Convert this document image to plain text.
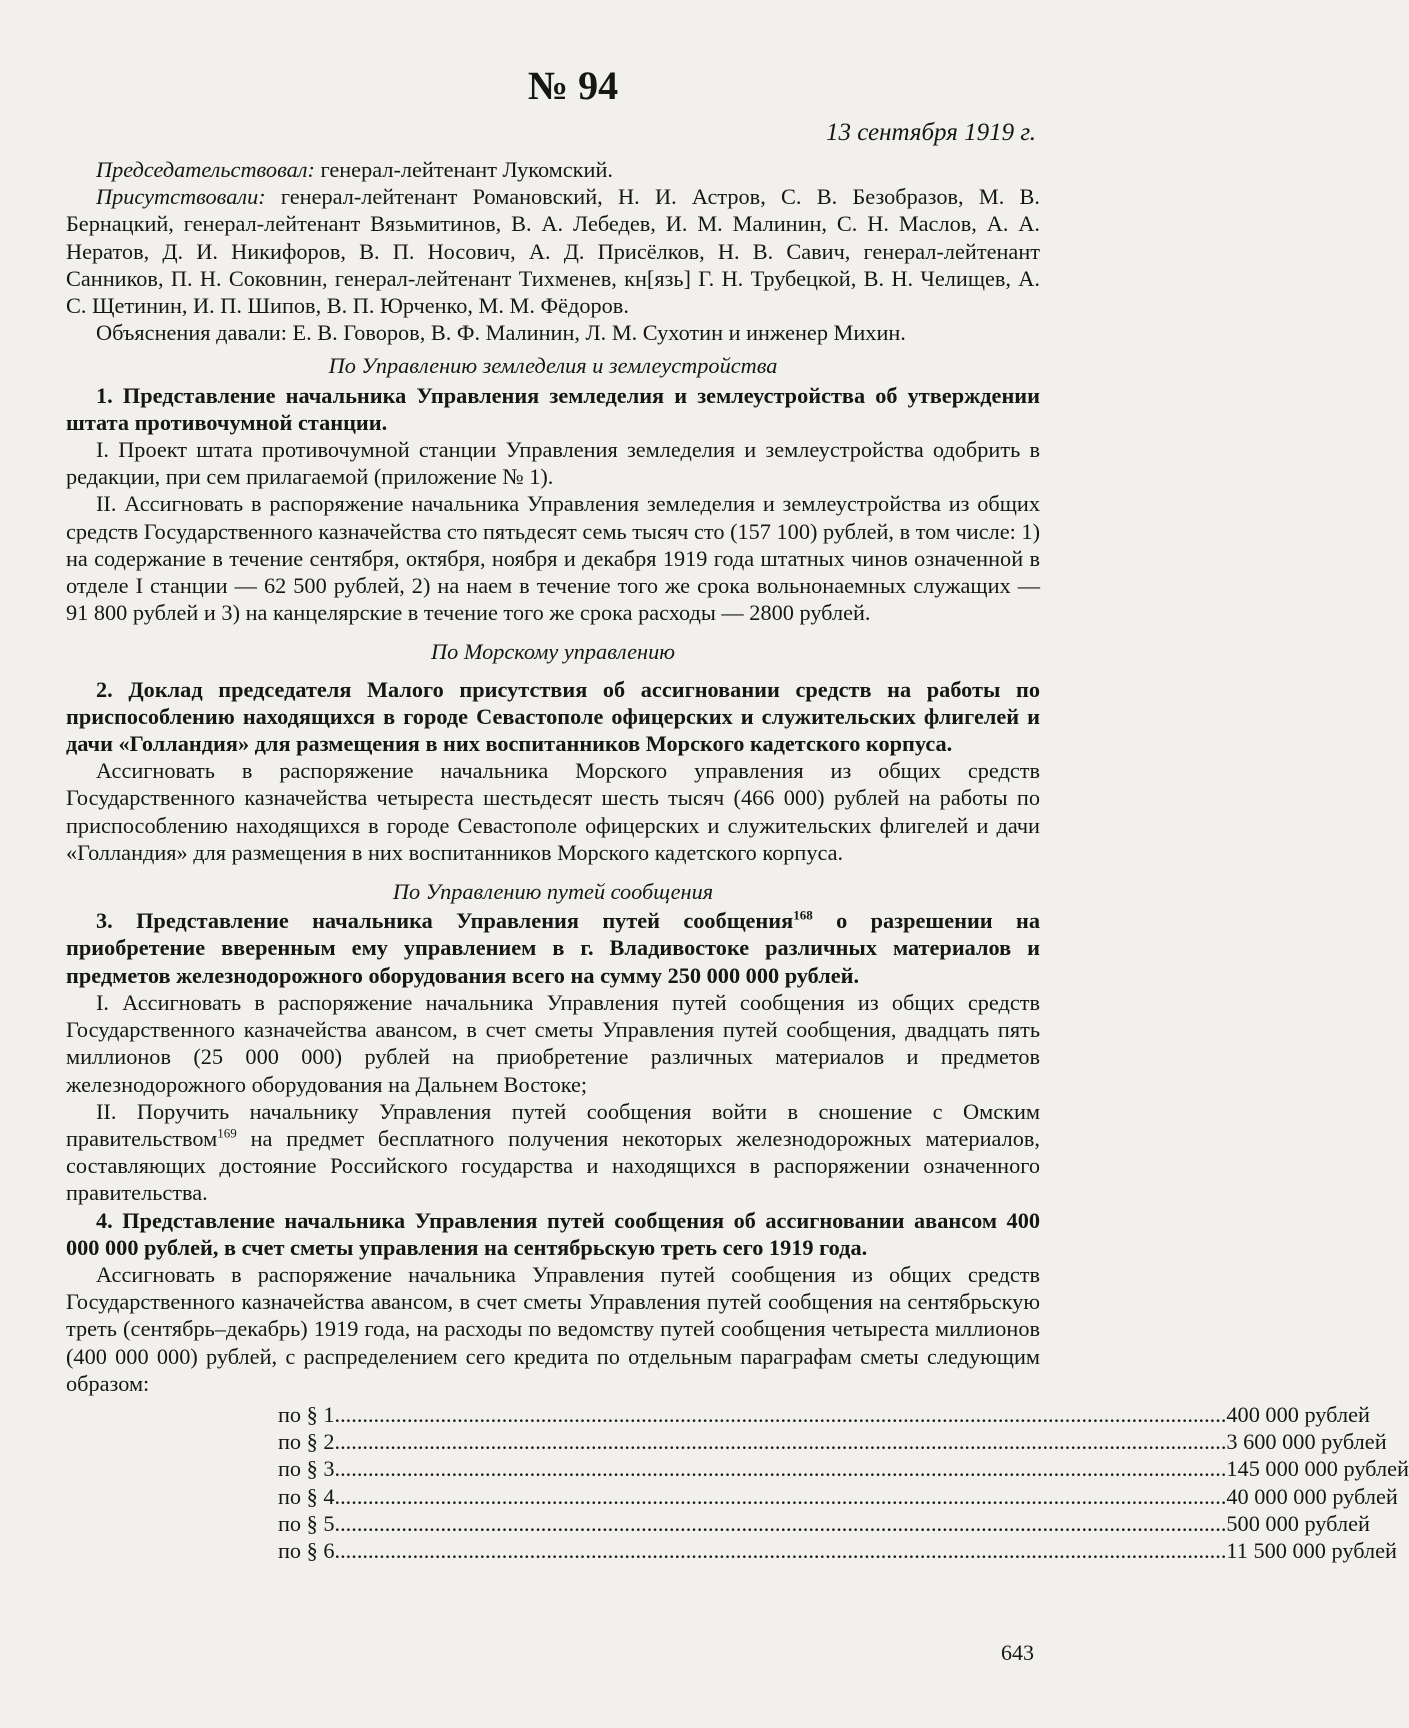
№ 94
13 сентября 1919 г.

Председательствовал: генерал-лейтенант Лукомский.

Присутствовали: генерал-лейтенант Романовский, Н. И. Астров, С. В. Безобразов, М. В. Бернацкий, генерал-лейтенант Вязьмитинов, В. А. Лебедев, И. М. Малинин, С. Н. Маслов, А. А. Нератов, Д. И. Никифоров, В. П. Носович, А. Д. Присёлков, Н. В. Савич, генерал-лейтенант Санников, П. Н. Соковнин, генерал-лейтенант Тихменев, кн[язь] Г. Н. Трубецкой, В. Н. Челищев, А. С. Щетинин, И. П. Шипов, В. П. Юрченко, М. М. Фёдоров.

Объяснения давали: Е. В. Говоров, В. Ф. Малинин, Л. М. Сухотин и инженер Михин.

По Управлению земледелия и землеустройства

1. Представление начальника Управления земледелия и землеустройства об утверждении штата противочумной станции.

I. Проект штата противочумной станции Управления земледелия и землеустройства одобрить в редакции, при сем прилагаемой (приложение № 1).

II. Ассигновать в распоряжение начальника Управления земледелия и землеустройства из общих средств Государственного казначейства сто пятьдесят семь тысяч сто (157 100) рублей, в том числе: 1) на содержание в течение сентября, октября, ноября и декабря 1919 года штатных чинов означенной в отделе I станции — 62 500 рублей, 2) на наем в течение того же срока вольнонаемных служащих — 91 800 рублей и 3) на канцелярские в течение того же срока расходы — 2800 рублей.

По Морскому управлению

2. Доклад председателя Малого присутствия об ассигновании средств на работы по приспособлению находящихся в городе Севастополе офицерских и служительских флигелей и дачи «Голландия» для размещения в них воспитанников Морского кадетского корпуса.

Ассигновать в распоряжение начальника Морского управления из общих средств Государственного казначейства четыреста шестьдесят шесть тысяч (466 000) рублей на работы по приспособлению находящихся в городе Севастополе офицерских и служительских флигелей и дачи «Голландия» для размещения в них воспитанников Морского кадетского корпуса.

По Управлению путей сообщения

3. Представление начальника Управления путей сообщения$^{168}$ о разрешении на приобретение вверенным ему управлением в г. Владивостоке различных материалов и предметов железнодорожного оборудования всего на сумму 250 000 000 рублей.

I. Ассигновать в распоряжение начальника Управления путей сообщения из общих средств Государственного казначейства авансом, в счет сметы Управления путей сообщения, двадцать пять миллионов (25 000 000) рублей на приобретение различных материалов и предметов железнодорожного оборудования на Дальнем Востоке;

II. Поручить начальнику Управления путей сообщения войти в сношение с Омским правительством$^{169}$ на предмет бесплатного получения некоторых железнодорожных материалов, составляющих достояние Российского государства и находящихся в распоряжении означенного правительства.

4. Представление начальника Управления путей сообщения об ассигновании авансом 400 000 000 рублей, в счет сметы управления на сентябрьскую треть сего 1919 года.

Ассигновать в распоряжение начальника Управления путей сообщения из общих средств Государственного казначейства авансом, в счет сметы Управления путей сообщения на сентябрьскую треть (сентябрь–декабрь) 1919 года, на расходы по ведомству путей сообщения четыреста миллионов (400 000 000) рублей, с распределением сего кредита по отдельным параграфам сметы следующим образом:

по § 1 ................................................................................................................................................................ 400 000 рублей
по § 2 ................................................................................................................................................................ 3 600 000 рублей
по § 3 ................................................................................................................................................................ 145 000 000 рублей
по § 4 ................................................................................................................................................................ 40 000 000 рублей
по § 5 ................................................................................................................................................................ 500 000 рублей
по § 6 ................................................................................................................................................................ 11 500 000 рублей
643
